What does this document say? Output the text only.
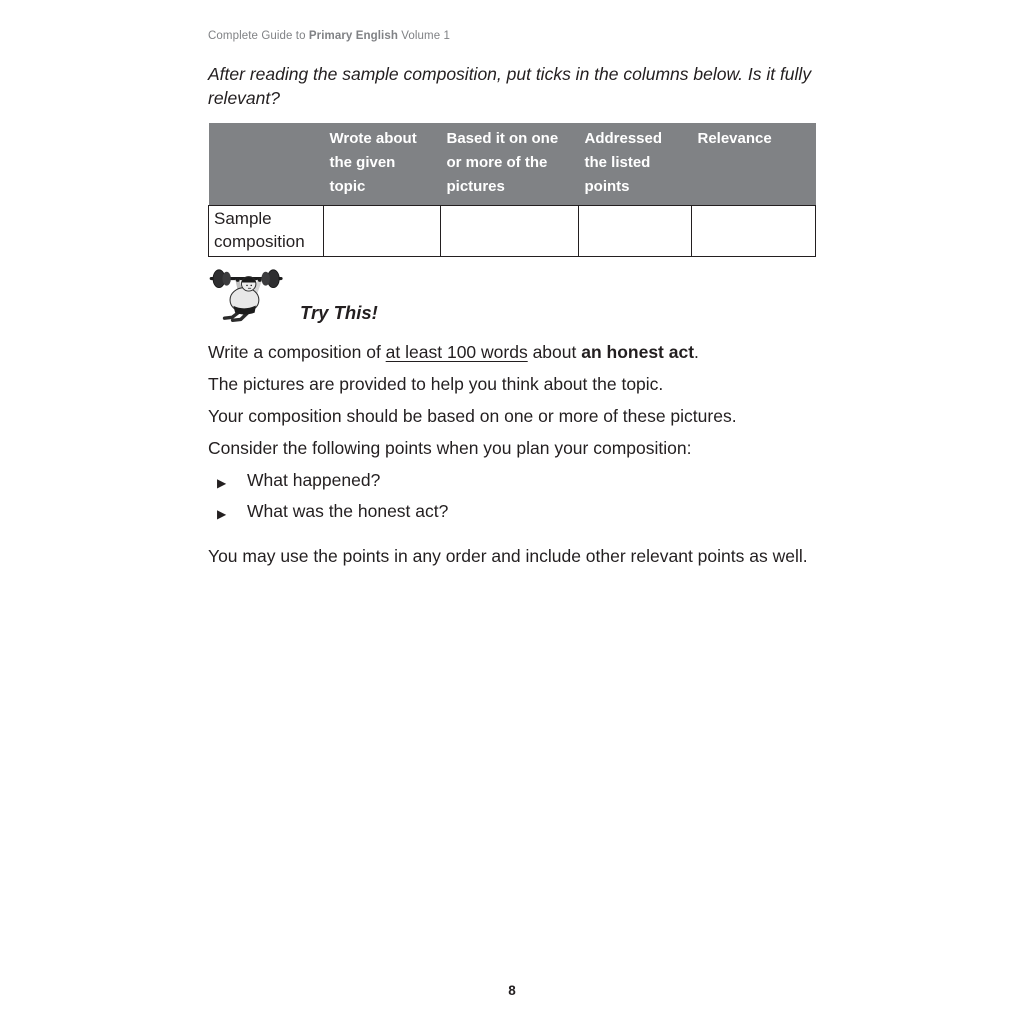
Complete Guide to Primary English Volume 1

After reading the sample composition, put ticks in the columns below. Is it fully relevant?

	Wrote about the given topic	Based it on one or more of the pictures	Addressed the listed points	Relevance
Sample composition				
Try This!

Write a composition of at least 100 words about an honest act.

The pictures are provided to help you think about the topic.

Your composition should be based on one or more of these pictures.

Consider the following points when you plan your composition:

▶	What happened?
▶	What was the honest act?

You may use the points in any order and include other relevant points as well.

8
